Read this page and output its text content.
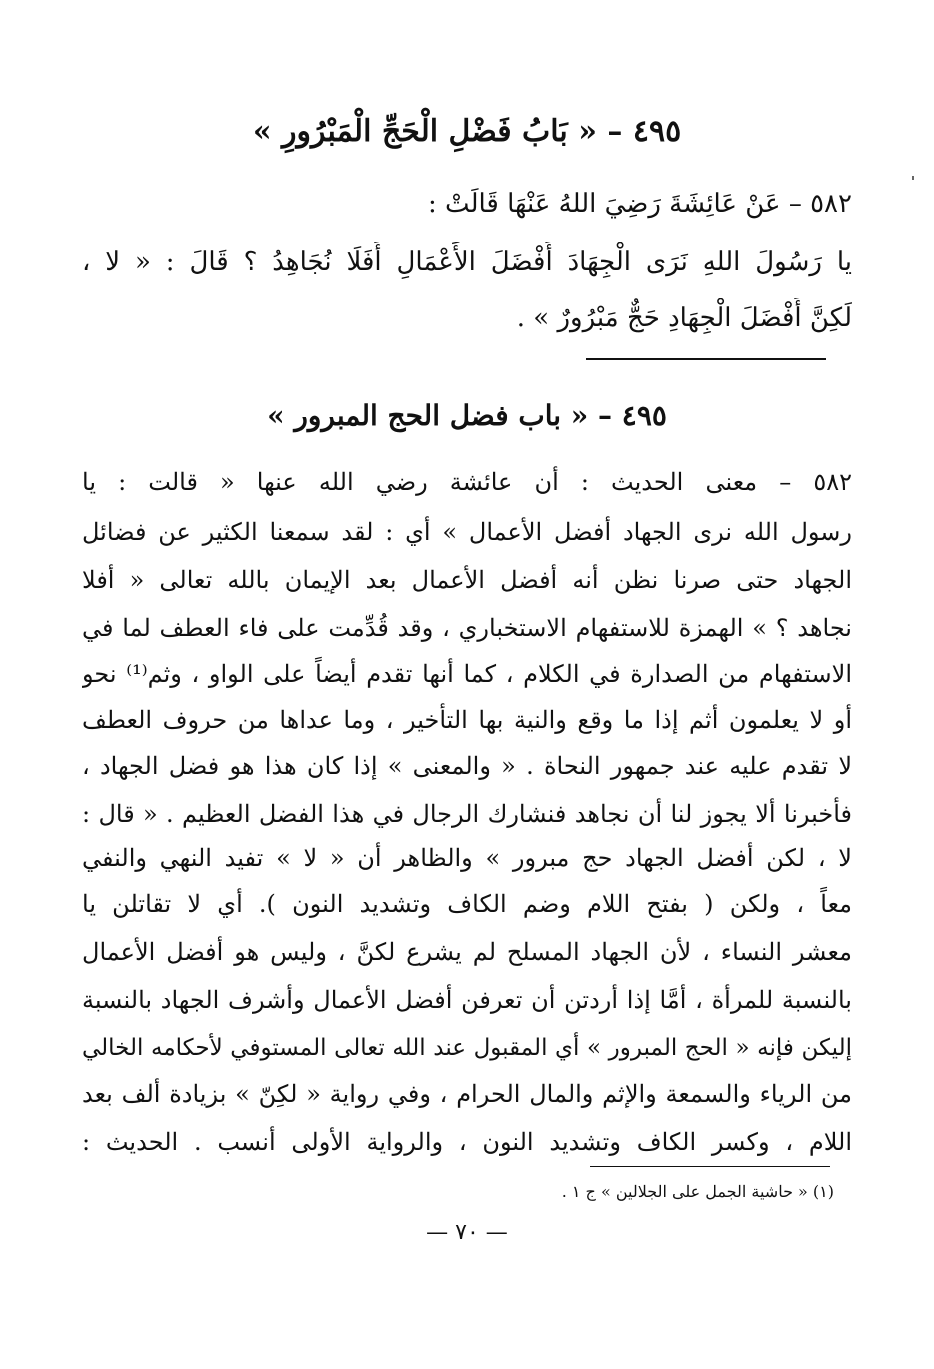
٤٩٥ – « بَابُ فَضْلِ الْحَجِّ الْمَبْرُورِ »
٥٨٢ – عَنْ عَائِشَةَ رَضِيَ اللهُ عَنْهَا قَالَتْ :
يا رَسُولَ اللهِ نَرَى الْجِهَادَ أَفْضَلَ الأَعْمَالِ أَفَلَا نُجَاهِدُ ؟ قَالَ : « لا ،
لَكِنَّ أَفْضَلَ الْجِهَادِ حَجٌّ مَبْرُورٌ » .
٤٩٥ – « باب فضل الحج المبرور »
٥٨٢ – معنى الحديث : أن عائشة رضي الله عنها « قالت : يا
رسول الله نرى الجهاد أفضل الأعمال » أي : لقد سمعنا الكثير عن فضائل
الجهاد حتى صرنا نظن أنه أفضل الأعمال بعد الإيمان بالله تعالى « أفلا
نجاهد ؟ » الهمزة للاستفهام الاستخباري ، وقد قُدِّمت على فاء العطف لما في
الاستفهام من الصدارة في الكلام ، كما أنها تقدم أيضاً على الواو ، وثم⁽¹⁾ نحو
أو لا يعلمون أثم إذا ما وقع والنية بها التأخير ، وما عداها من حروف العطف
لا تقدم عليه عند جمهور النحاة . « والمعنى » إذا كان هذا هو فضل الجهاد ،
فأخبرنا ألا يجوز لنا أن نجاهد فنشارك الرجال في هذا الفضل العظيم . « قال :
لا ، لكن أفضل الجهاد حج مبرور » والظاهر أن « لا » تفيد النهي والنفي
معاً ، ولكن ( بفتح اللام وضم الكاف وتشديد النون ). أي لا تقاتلن يا
معشر النساء ، لأن الجهاد المسلح لم يشرع لكنَّ ، وليس هو أفضل الأعمال
بالنسبة للمرأة ، أمَّا إذا أردتن أن تعرفن أفضل الأعمال وأشرف الجهاد بالنسبة
إليكن فإنه « الحج المبرور » أي المقبول عند الله تعالى المستوفي لأحكامه الخالي
من الرياء والسمعة والإثم والمال الحرام ، وفي رواية « لكِنّ » بزيادة ألف بعد
اللام ، وكسر الكاف وتشديد النون ، والرواية الأولى أنسب . الحديث :
(١) « حاشية الجمل على الجلالين » ج ١ .
— ٧٠ —
